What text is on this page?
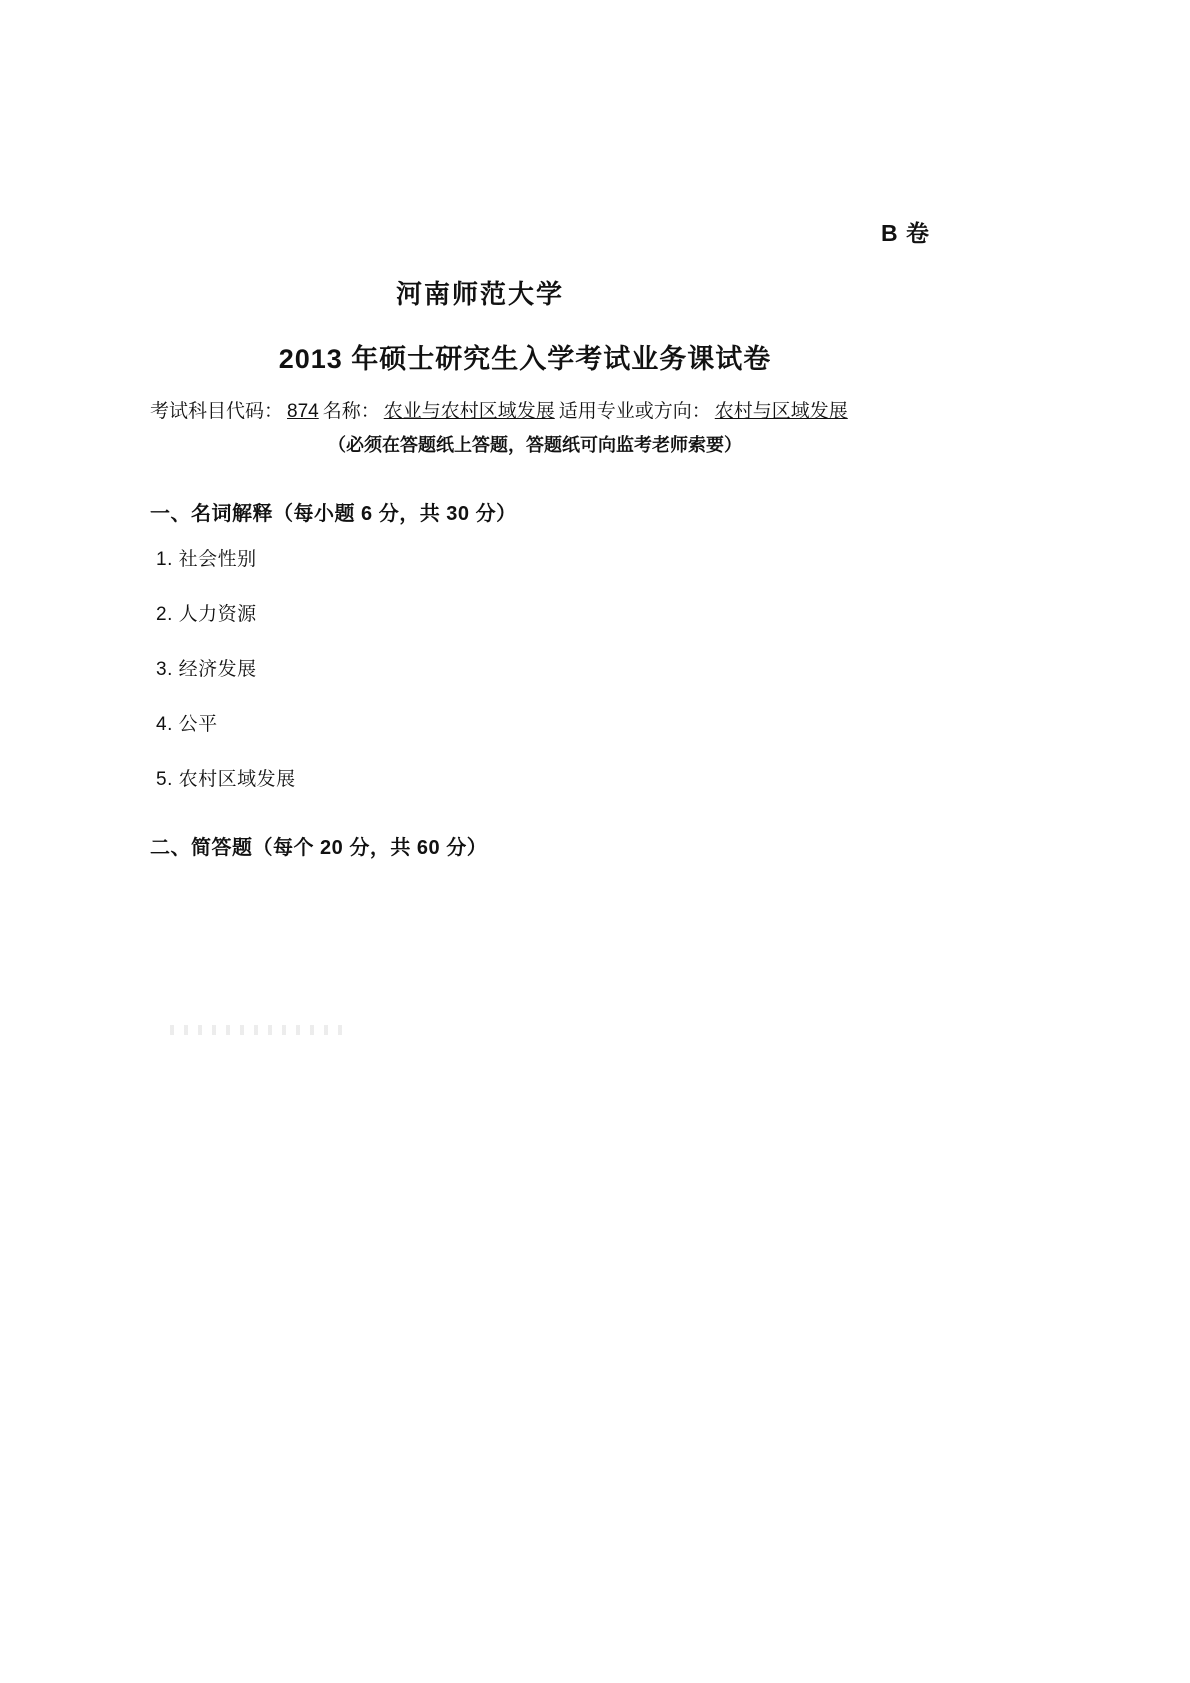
B 卷
河南师范大学
2013 年硕士研究生入学考试业务课试卷
考试科目代码： 874 名称： 农业与农村区域发展 适用专业或方向： 农村与区域发展
（必须在答题纸上答题，答题纸可向监考老师索要）
一、名词解释（每小题 6 分，共 30 分）
1. 社会性别
2. 人力资源
3. 经济发展
4. 公平
5. 农村区域发展
二、简答题（每个 20 分，共 60 分）
